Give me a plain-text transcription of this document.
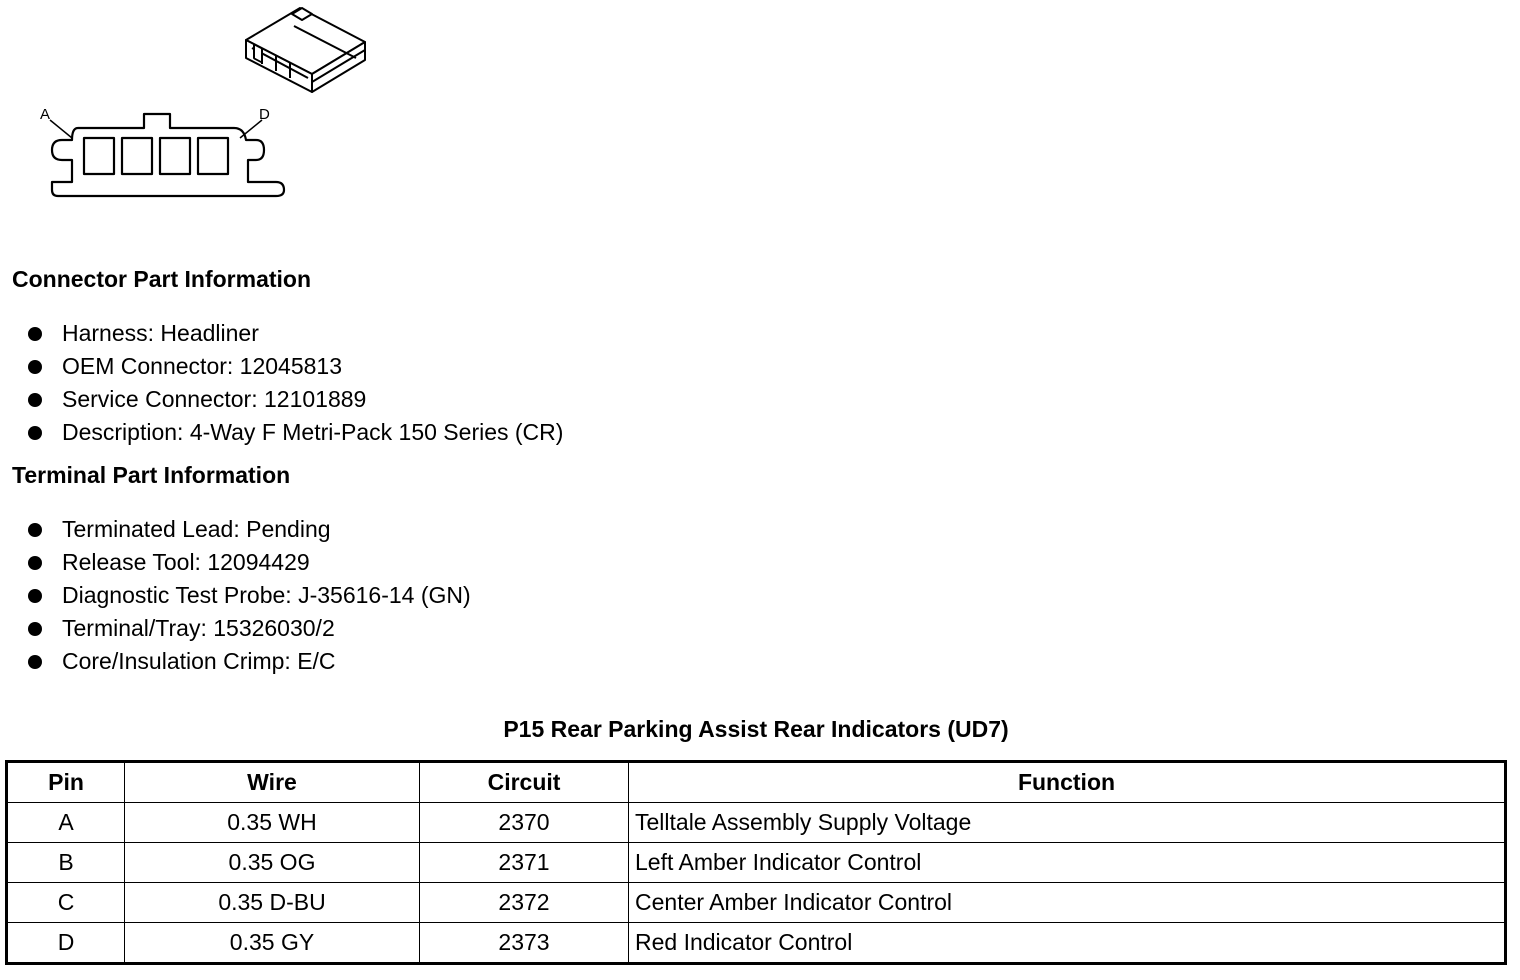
A	D
Connector Part Information
Harness: Headliner
OEM Connector: 12045813
Service Connector: 12101889
Description: 4-Way F Metri-Pack 150 Series (CR)
Terminal Part Information
Terminated Lead: Pending
Release Tool: 12094429
Diagnostic Test Probe: J-35616-14 (GN)
Terminal/Tray: 15326030/2
Core/Insulation Crimp: E/C
P15 Rear Parking Assist Rear Indicators (UD7)
Pin	Wire	Circuit	Function
A	0.35 WH	2370	Telltale Assembly Supply Voltage
B	0.35 OG	2371	Left Amber Indicator Control
C	0.35 D-BU	2372	Center Amber Indicator Control
D	0.35 GY	2373	Red Indicator Control
